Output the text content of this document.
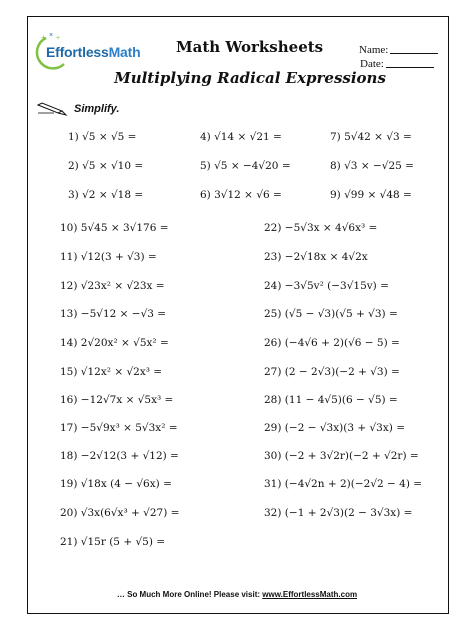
+ × +
EffortlessMath Math Worksheets	Name:
Date:
Multiplying Radical Expressions
Simplify.
1) √5 × √5 =	4) √14 × √21 =	7) 5√42 × √3 =
2) √5 × √10 =	5) √5 × −4√20 =	8) √3 × −√25 =
3) √2 × √18 =	6) 3√12 × √6 =	9) √99 × √48 =
10) 5√45 × 3√176 =
11) √12(3 + √3) =
12) √23x² × √23x =
13) −5√12 × −√3 =
14) 2√20x² × √5x² =
15) √12x² × √2x³ =
16) −12√7x × √5x³ =
17) −5√9x³ × 5√3x² =
18) −2√12(3 + √12) =
19) √18x (4 − √6x) =
20) √3x(6√x³ + √27) =
21) √15r (5 + √5) =
22) −5√3x × 4√6x³ =
23) −2√18x × 4√2x
24) −3√5v² (−3√15v) =
25) (√5 − √3)(√5 + √3) =
26) (−4√6 + 2)(√6 − 5) =
27) (2 − 2√3)(−2 + √3) =
28) (11 − 4√5)(6 − √5) =
29) (−2 − √3x)(3 + √3x) =
30) (−2 + 3√2r)(−2 + √2r) =
31) (−4√2n + 2)(−2√2 − 4) =
32) (−1 + 2√3)(2 − 3√3x) =
… So Much More Online! Please visit: www.EffortlessMath.com
